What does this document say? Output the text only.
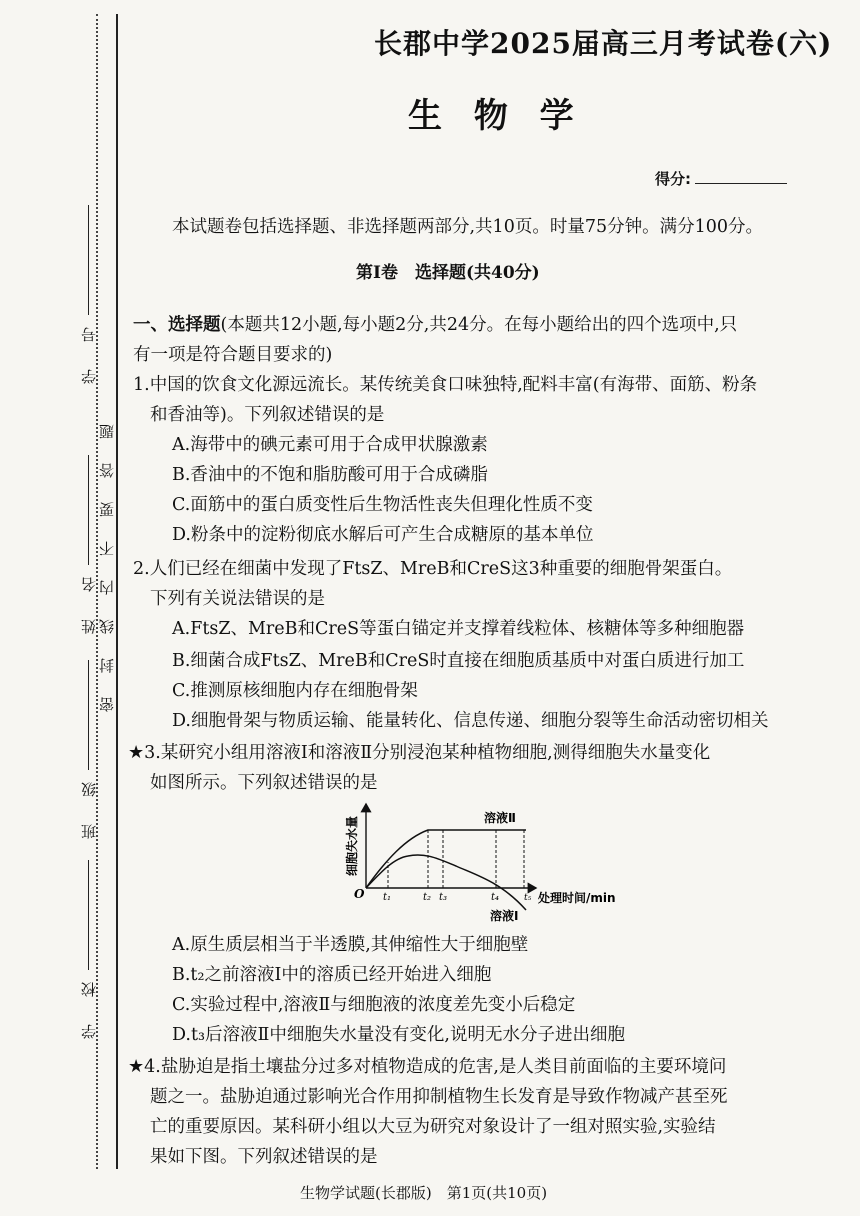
学　号
姓　名
班　级
学　校
密封线内不要答题
长郡中学2025届高三月考试卷(六)
生 物 学
得分:
本试题卷包括选择题、非选择题两部分,共10页。时量75分钟。满分100分。
第Ⅰ卷　选择题(共40分)
一、选择题(本题共12小题,每小题2分,共24分。在每小题给出的四个选项中,只
有一项是符合题目要求的)
1.中国的饮食文化源远流长。某传统美食口味独特,配料丰富(有海带、面筋、粉条
和香油等)。下列叙述错误的是
A.海带中的碘元素可用于合成甲状腺激素
B.香油中的不饱和脂肪酸可用于合成磷脂
C.面筋中的蛋白质变性后生物活性丧失但理化性质不变
D.粉条中的淀粉彻底水解后可产生合成糖原的基本单位
2.人们已经在细菌中发现了FtsZ、MreB和CreS这3种重要的细胞骨架蛋白。
下列有关说法错误的是
A.FtsZ、MreB和CreS等蛋白锚定并支撑着线粒体、核糖体等多种细胞器
B.细菌合成FtsZ、MreB和CreS时直接在细胞质基质中对蛋白质进行加工
C.推测原核细胞内存在细胞骨架
D.细胞骨架与物质运输、能量转化、信息传递、细胞分裂等生命活动密切相关
★3.某研究小组用溶液Ⅰ和溶液Ⅱ分别浸泡某种植物细胞,测得细胞失水量变化
如图所示。下列叙述错误的是
细胞失水量
O	处理时间/min
t₁	t₂ t₃	t₄	t₅
溶液Ⅱ
溶液Ⅰ
A.原生质层相当于半透膜,其伸缩性大于细胞壁
B.t₂之前溶液Ⅰ中的溶质已经开始进入细胞
C.实验过程中,溶液Ⅱ与细胞液的浓度差先变小后稳定
D.t₃后溶液Ⅱ中细胞失水量没有变化,说明无水分子进出细胞
★4.盐胁迫是指土壤盐分过多对植物造成的危害,是人类目前面临的主要环境问
题之一。盐胁迫通过影响光合作用抑制植物生长发育是导致作物减产甚至死
亡的重要原因。某科研小组以大豆为研究对象设计了一组对照实验,实验结
果如下图。下列叙述错误的是
生物学试题(长郡版)　第1页(共10页)
